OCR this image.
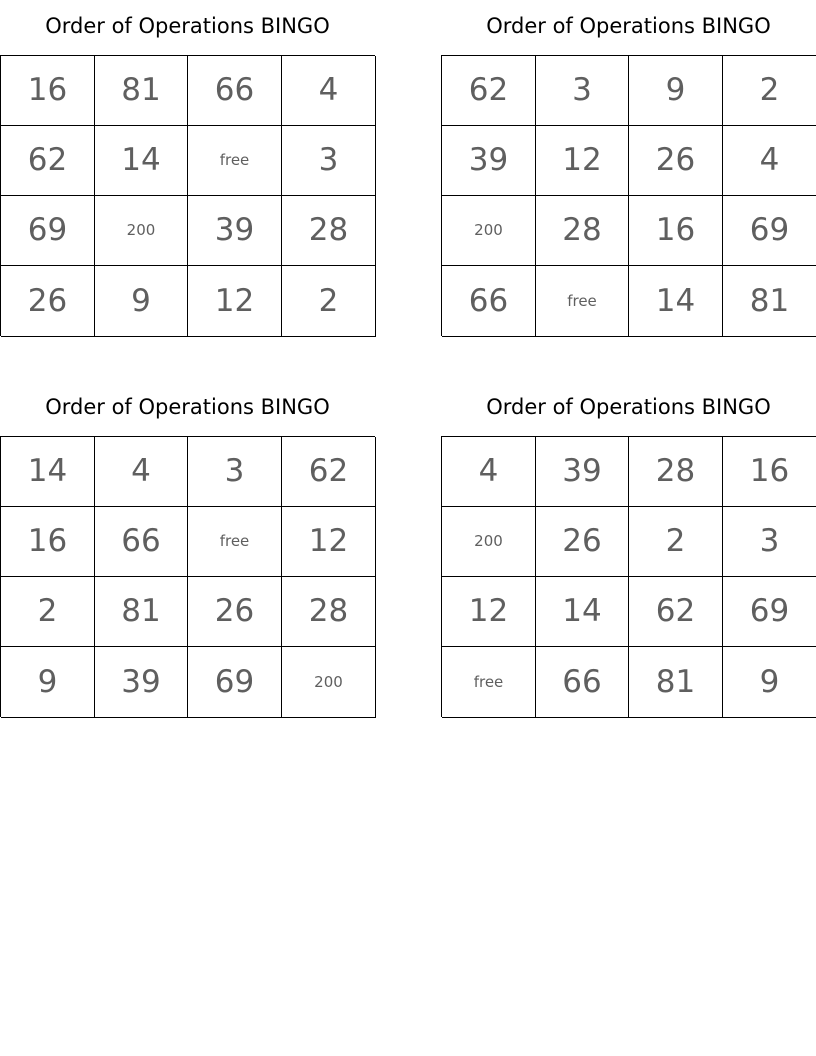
Order of Operations BINGO
16	81	66	4
62	14	free	3
69	200	39	28
26	9	12	2
Order of Operations BINGO
62	3	9	2
39	12	26	4
200	28	16	69
66	free	14	81
Order of Operations BINGO
14	4	3	62
16	66	free	12
2	81	26	28
9	39	69	200
Order of Operations BINGO
4	39	28	16
200	26	2	3
12	14	62	69
free	66	81	9
